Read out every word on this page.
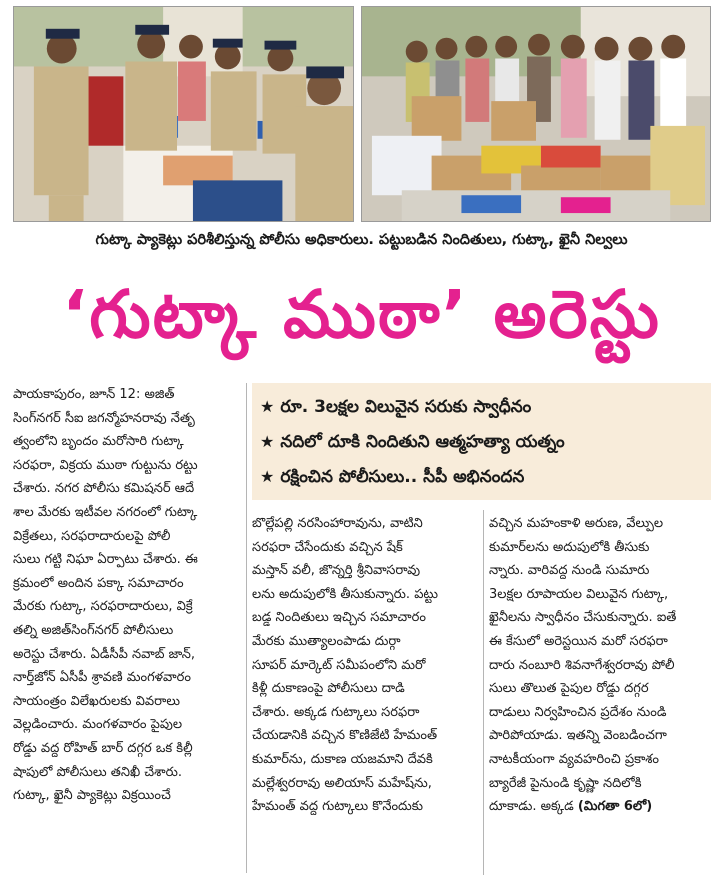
గుట్కా ప్యాకెట్లు పరిశీలిస్తున్న పోలీసు అధికారులు. పట్టుబడిన నిందితులు, గుట్కా, ఖైనీ నిల్వలు
‘గుట్కా ముఠా’ అరెస్టు
పాయకాపురం, జూన్ 12: అజిత్
సింగ్‌నగర్ సీఐ జగన్మోహనరావు నేతృ
త్వంలోని బృందం మరోసారి గుట్కా
సరఫరా, విక్రయ ముఠా గుట్టును రట్టు
చేశారు. నగర పోలీసు కమిషనర్ ఆదే
శాల మేరకు ఇటీవల నగరంలో గుట్కా
విక్రేతలు, సరఫరాదారులపై పోలీ
సులు గట్టి నిఘా ఏర్పాటు చేశారు. ఈ
క్రమంలో అందిన పక్కా సమాచారం
మేరకు గుట్కా, సరఫరాదారులు, విక్రే
తల్ని అజిత్‌సింగ్‌నగర్ పోలీసులు
అరెస్టు చేశారు. ఏడీసీపీ నవాబ్ జాన్,
నార్త్‌జోన్ ఏసీపీ శ్రావణి మంగళవారం
సాయంత్రం విలేఖరులకు వివరాలు
వెల్లడించారు. మంగళవారం పైపుల
రోడ్డు వద్ద రోహిత్ బార్ దగ్గర ఒక కిల్లీ
షాపులో పోలీసులు తనిఖీ చేశారు.
గుట్కా, ఖైనీ ప్యాకెట్లు విక్రయించే
★ రూ. 3లక్షల విలువైన సరుకు స్వాధీనం
★ నదిలో దూకి నిందితుని ఆత్మహత్యా యత్నం
★ రక్షించిన పోలీసులు.. సీపీ అభినందన
బొల్లేపల్లి నరసింహారావును, వాటిని
సరఫరా చేసేందుకు వచ్చిన షేక్
మస్తాన్ వలీ, జొన్నర్తి శ్రీనివాసరావు
లను అదుపులోకి తీసుకున్నారు. పట్టు
బడ్డ నిందితులు ఇచ్చిన సమాచారం
మేరకు ముత్యాలంపాడు దుర్గా
సూపర్ మార్కెట్ సమీపంలోని మరో
కిళ్లీ దుకాణంపై పోలీసులు దాడి
చేశారు. అక్కడ గుట్కాలు సరఫరా
చేయడానికి వచ్చిన కొణిజేటి హేమంత్
కుమార్‌ను, దుకాణ యజమాని దేవకి
మల్లేశ్వరరావు అలియాస్ మహేష్‌ను,
హేమంత్ వద్ద గుట్కాలు కొనేందుకు
వచ్చిన మహంకాళి అరుణ, వేల్పుల
కుమార్‌లను అదుపులోకి తీసుకు
న్నారు. వారివద్ద నుండి సుమారు
3లక్షల రూపాయల విలువైన గుట్కా,
ఖైనీలను స్వాధీనం చేసుకున్నారు. ఐతే
ఈ కేసులో అరెస్టయిన మరో సరఫరా
దారు నంబూరి శివనాగేశ్వరరావు పోలీ
సులు తొలుత పైపుల రోడ్డు దగ్గర
దాడులు నిర్వహించిన ప్రదేశం నుండి
పారిపోయాడు. ఇతన్ని వెంబడించగా
నాటకీయంగా వ్యవహరించి ప్రకాశం
బ్యారేజీ పైనుండి కృష్ణా నదిలోకి
దూకాడు. అక్కడ (మిగతా 6లో)
